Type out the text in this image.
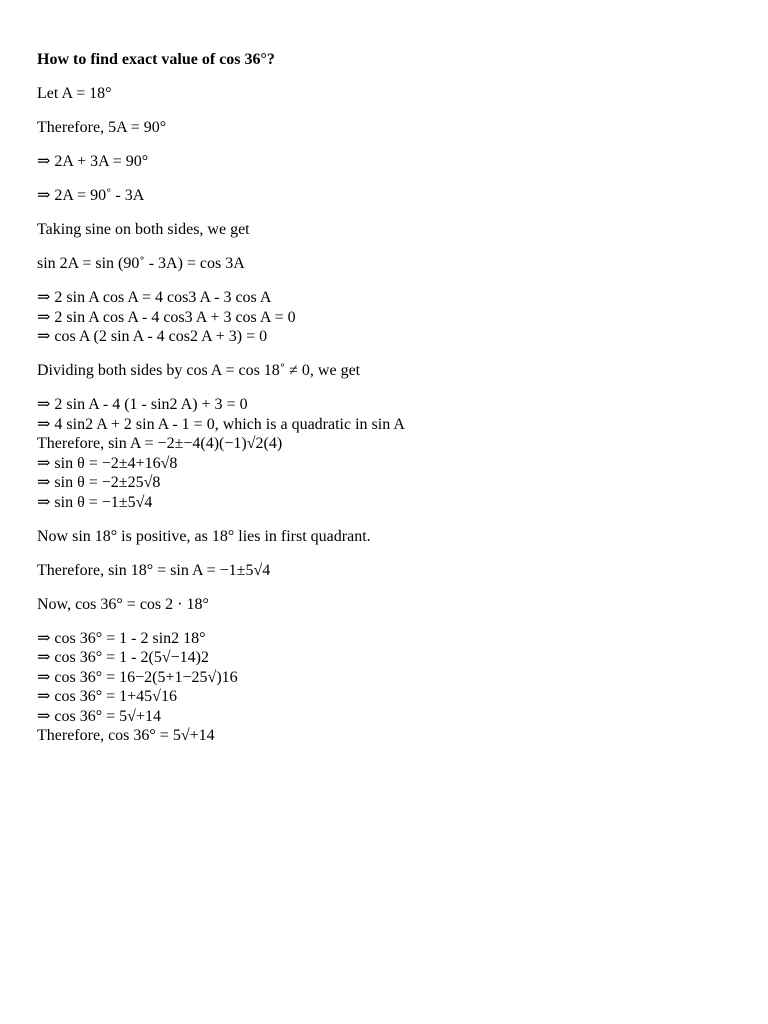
How to find exact value of cos 36°?
Let A = 18°
Therefore, 5A = 90°
⇒ 2A + 3A = 90°
⇒ 2A = 90˚ - 3A
Taking sine on both sides, we get
sin 2A = sin (90˚ - 3A) = cos 3A
⇒ 2 sin A cos A = 4 cos3 A - 3 cos A
⇒ 2 sin A cos A - 4 cos3 A + 3 cos A = 0
⇒ cos A (2 sin A - 4 cos2 A + 3) = 0
Dividing both sides by cos A = cos 18˚ ≠ 0, we get
⇒ 2 sin A - 4 (1 - sin2 A) + 3 = 0
⇒ 4 sin2 A + 2 sin A - 1 = 0, which is a quadratic in sin A
Therefore, sin A = −2±−4(4)(−1)√2(4)
⇒ sin θ = −2±4+16√8
⇒ sin θ = −2±25√8
⇒ sin θ = −1±5√4
Now sin 18° is positive, as 18° lies in first quadrant.
Therefore, sin 18° = sin A = −1±5√4
Now, cos 36° = cos 2 · 18°
⇒ cos 36° = 1 - 2 sin2 18°
⇒ cos 36° = 1 - 2(5√−14)2
⇒ cos 36° = 16−2(5+1−25√)16
⇒ cos 36° = 1+45√16
⇒ cos 36° = 5√+14
Therefore, cos 36° = 5√+14
